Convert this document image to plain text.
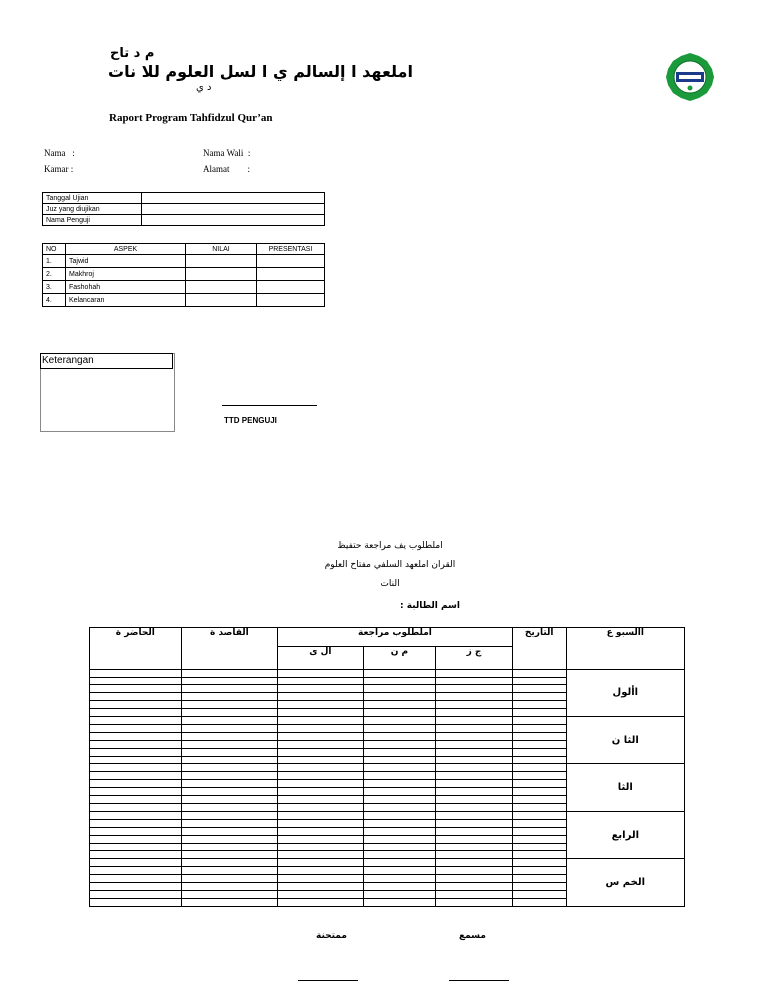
م د تاح
املعهد ا إلسالم ي ا لسل العلوم للا نات
د ي
Raport Program Tahfidzul Qur’an
Nama :
Kamar :
Nama Wali :
Alamat :
Tanggal Ujian	
Juz yang diujikan	
Nama Penguji	
NO	ASPEK	NILAI	PRESENTASI
1.	Tajwid		
2.	Makhroj		
3.	Fashohah		
4.	Kelancaran		
Keterangan
TTD PENGUJI
املطلوب يف مراجعة حتفيظ
القران امل‍عهد السلفي مفتاح العلوم
النات
اسم الطالبة :
الحاضر ة	القاصد ة	املطلوب مراجعة			التاريخ	االسبو ع
		ال ى	م ن	ج ز		
						األول

						الثا ن

						الثا

						الرابع

						الخم س

ممتحنة	مسمع
